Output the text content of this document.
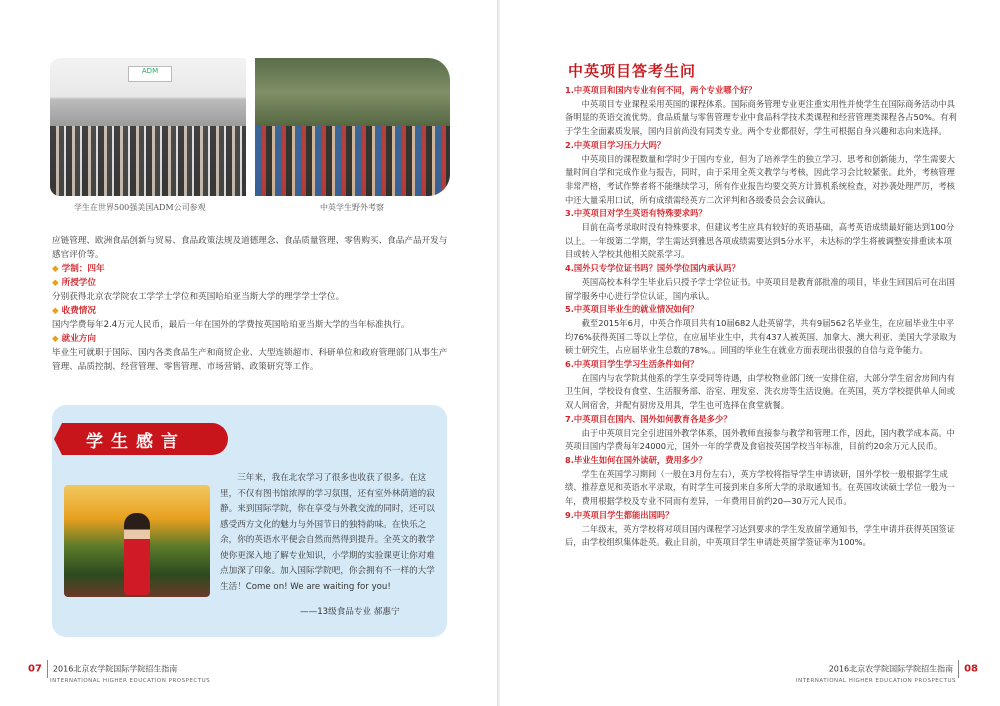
ADM
学生在世界500强美国ADM公司参观	中英学生野外考察

应链管理、欧洲食品创新与贸易、食品政策法规及道德理念、食品质量管理、零售购买、食品产品开发与感官评价等。

◆ 学制：四年

◆ 所授学位

分别获得北京农学院农工学学士学位和英国哈珀亚当斯大学的理学学士学位。

◆ 收费情况

国内学费每年2.4万元人民币，最后一年在国外的学费按英国哈珀亚当斯大学的当年标准执行。

◆ 就业方向

毕业生可就职于国际、国内各类食品生产和商贸企业、大型连锁超市、科研单位和政府管理部门从事生产管理、品质控制、经营管理、零售管理、市场营销、政策研究等工作。

学生感言
三年来，我在北农学习了很多也收获了很多。在这里，不仅有图书馆浓厚的学习氛围，还有室外林荫道的寂静。来到国际学院，你在享受与外教交流的同时，还可以感受西方文化的魅力与外国节日的独特韵味。在快乐之余，你的英语水平便会自然而然得到提升。全英文的教学使你更深入地了解专业知识，小学期的实验课更让你对难点加深了印象。加入国际学院吧，你会拥有不一样的大学生活！Come on! We are waiting for you!
——13级食品专业 郝惠宁
07 2016北京农学院国际学院招生指南
INTERNATIONAL HIGHER EDUCATION PROSPECTUS
中英项目答考生问

1.中英项目和国内专业有何不同，两个专业哪个好？

中英项目专业课程采用英国的课程体系。国际商务管理专业更注重实用性并使学生在国际商务活动中具备明显的英语交流优势。食品质量与零售管理专业中食品科学技术类课程和经营管理类课程各占50%。有利于学生全面素质发展，国内目前尚没有同类专业。两个专业都很好，学生可根据自身兴趣和志向来选择。

2.中英项目学习压力大吗？

中英项目的课程数量和学时少于国内专业，但为了培养学生的独立学习、思考和创新能力，学生需要大量时间自学和完成作业与报告，同时，由于采用全英文教学与考核，因此学习会比较紧张。此外，考核管理非常严格，考试作弊者将不能继续学习，所有作业报告均要交英方计算机系统检查，对抄袭处理严厉，考核中还大量采用口试，所有成绩需经英方二次评判和各级委员会会议确认。

3.中英项目对学生英语有特殊要求吗？

目前在高考录取时没有特殊要求，但建议考生应具有较好的英语基础，高考英语成绩最好能达到100分以上。一年级第二学期，学生需达到雅思各项成绩需要达到5分水平，未达标的学生将被调整安排重读本项目或转入学校其他相关院系学习。

4.国外只专学位证书吗？国外学位国内承认吗？

英国高校本科学生毕业后只授予学士学位证书。中英项目是教育部批准的项目，毕业生回国后可在出国留学服务中心进行学位认证，国内承认。

5.中英项目毕业生的就业情况如何？

截至2015年6月，中英合作项目共有10届682人赴英留学，共有9届562名毕业生，在应届毕业生中平均76%获得英国二等以上学位，在应届毕业生中，共有437人被英国、加拿大、澳大利亚、美国大学录取为硕士研究生，占应届毕业生总数的78%。。回国的毕业生在就业方面表现出很强的自信与竞争能力。

6.中英项目学生学习生活条件如何？

在国内与农学院其他系的学生享受同等待遇，由学校物业部门统一安排住宿，大部分学生宿舍房间内有卫生间，学校设有食堂、生活服务部、浴室、理发室、洗衣房等生活设施。在英国，英方学校提供单人间或双人间宿舍，并配有厨房及用具，学生也可选择在食堂就餐。

7.中英项目在国内、国外如何教育各是多少？

由于中英项目完全引进国外教学体系，国外教师直接参与教学和管理工作，因此，国内教学成本高。中英项目国内学费每年24000元，国外一年的学费及食宿按英国学校当年标准，目前约20余万元人民币。

8.毕业生如何在国外读研，费用多少？

学生在英国学习期间（一般在3月份左右），英方学校将指导学生申请读研，国外学校一般根据学生成绩、推荐意见和英语水平录取，有时学生可接到来自多所大学的录取通知书。在英国攻读硕士学位一般为一年，费用根据学校及专业不同而有差异，一年费用目前约20—30万元人民币。

9.中英项目学生都能出国吗？

二年级末，英方学校将对项目国内课程学习达到要求的学生发放留学通知书，学生申请并获得英国签证后，由学校组织集体赴英。截止目前，中英项目学生申请赴英留学签证率为100%。

2016北京农学院国际学院招生指南 08
INTERNATIONAL HIGHER EDUCATION PROSPECTUS
